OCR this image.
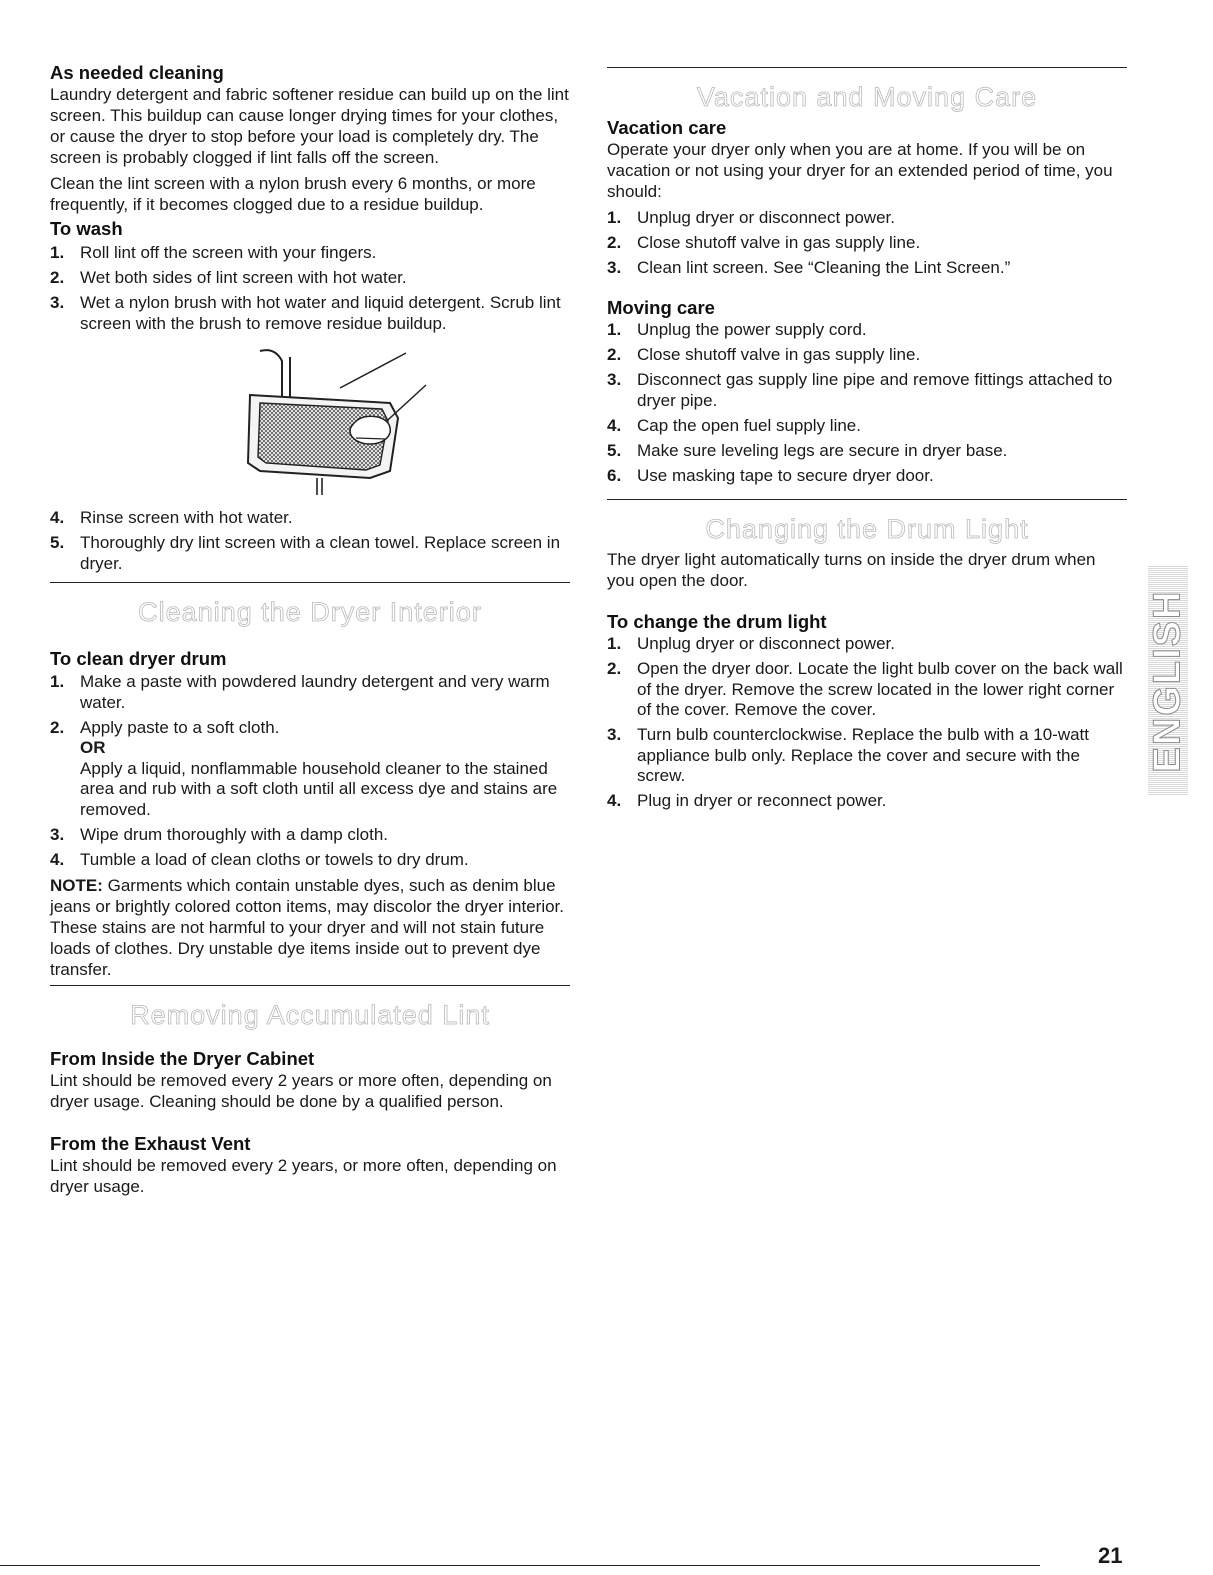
As needed cleaning

Laundry detergent and fabric softener residue can build up on the lint screen. This buildup can cause longer drying times for your clothes, or cause the dryer to stop before your load is completely dry. The screen is probably clogged if lint falls off the screen.

Clean the lint screen with a nylon brush every 6 months, or more frequently, if it becomes clogged due to a residue buildup.

To wash
1. Roll lint off the screen with your fingers.
2. Wet both sides of lint screen with hot water.
3. Wet a nylon brush with hot water and liquid detergent. Scrub lint screen with the brush to remove residue buildup.
4. Rinse screen with hot water.
5. Thoroughly dry lint screen with a clean towel. Replace screen in dryer.
Cleaning the Dryer Interior
To clean dryer drum
1. Make a paste with powdered laundry detergent and very warm water.
2. Apply paste to a soft cloth.
OR
Apply a liquid, nonflammable household cleaner to the stained area and rub with a soft cloth until all excess dye and stains are removed.
3. Wipe drum thoroughly with a damp cloth.
4. Tumble a load of clean cloths or towels to dry drum.

NOTE: Garments which contain unstable dyes, such as denim blue jeans or brightly colored cotton items, may discolor the dryer interior. These stains are not harmful to your dryer and will not stain future loads of clothes. Dry unstable dye items inside out to prevent dye transfer.

Removing Accumulated Lint
From Inside the Dryer Cabinet

Lint should be removed every 2 years or more often, depending on dryer usage. Cleaning should be done by a qualified person.

From the Exhaust Vent

Lint should be removed every 2 years, or more often, depending on dryer usage.

Vacation and Moving Care
Vacation care

Operate your dryer only when you are at home. If you will be on vacation or not using your dryer for an extended period of time, you should:

1. Unplug dryer or disconnect power.
2. Close shutoff valve in gas supply line.
3. Clean lint screen. See “Cleaning the Lint Screen.”
Moving care
1. Unplug the power supply cord.
2. Close shutoff valve in gas supply line.
3. Disconnect gas supply line pipe and remove fittings attached to dryer pipe.
4. Cap the open fuel supply line.
5. Make sure leveling legs are secure in dryer base.
6. Use masking tape to secure dryer door.
Changing the Drum Light

The dryer light automatically turns on inside the dryer drum when you open the door.

To change the drum light
1. Unplug dryer or disconnect power.
2. Open the dryer door. Locate the light bulb cover on the back wall of the dryer. Remove the screw located in the lower right corner of the cover. Remove the cover.
3. Turn bulb counterclockwise. Replace the bulb with a 10-watt appliance bulb only. Replace the cover and secure with the screw.
4. Plug in dryer or reconnect power.
ENGLISH
21
